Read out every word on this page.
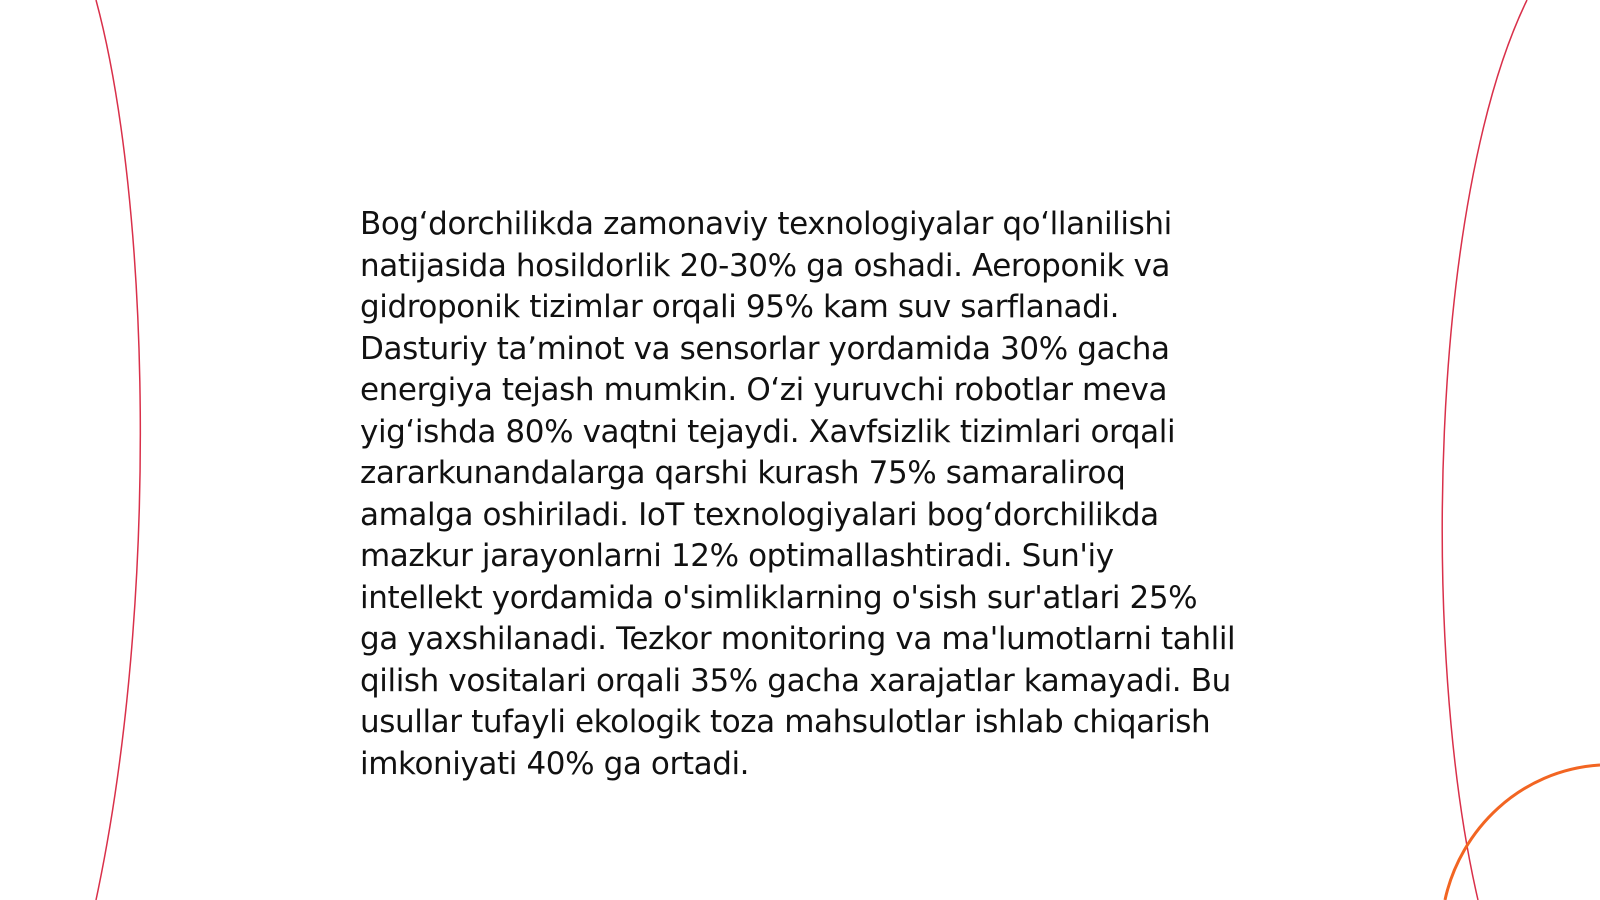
Bog‘dorchilikda zamonaviy texnologiyalar qo‘llanilishi natijasida hosildorlik 20-30% ga oshadi. Aeroponik va gidroponik tizimlar orqali 95% kam suv sarflanadi. Dasturiy ta’minot va sensorlar yordamida 30% gacha energiya tejash mumkin. O‘zi yuruvchi robotlar meva yig‘ishda 80% vaqtni tejaydi. Xavfsizlik tizimlari orqali zararkunandalarga qarshi kurash 75% samaraliroq amalga oshiriladi. IoT texnologiyalari bog‘dorchilikda mazkur jarayonlarni 12% optimallashtiradi. Sun'iy intellekt yordamida o'simliklarning o'sish sur'atlari 25% ga yaxshilanadi. Tezkor monitoring va ma'lumotlarni tahlil qilish vositalari orqali 35% gacha xarajatlar kamayadi. Bu usullar tufayli ekologik toza mahsulotlar ishlab chiqarish imkoniyati 40% ga ortadi.
